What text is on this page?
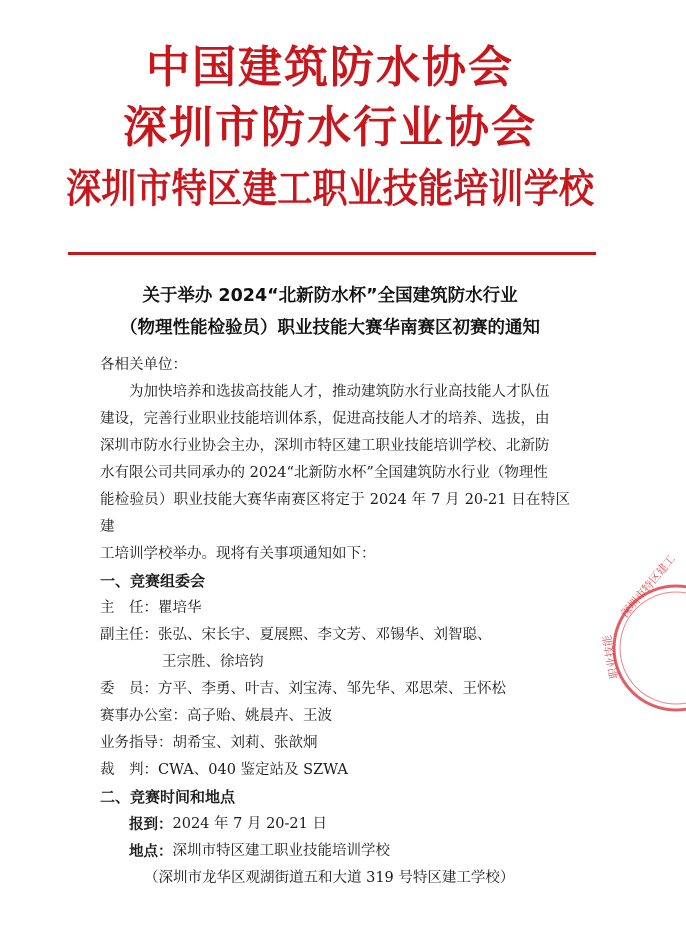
中国建筑防水协会
深圳市防水行业协会
深圳市特区建工职业技能培训学校
关于举办 2024“北新防水杯”全国建筑防水行业
（物理性能检验员）职业技能大赛华南赛区初赛的通知

各相关单位：

为加快培养和选拔高技能人才，推动建筑防水行业高技能人才队伍
建设，完善行业职业技能培训体系，促进高技能人才的培养、选拔，由
深圳市防水行业协会主办，深圳市特区建工职业技能培训学校、北新防
水有限公司共同承办的 2024“北新防水杯”全国建筑防水行业（物理性
能检验员）职业技能大赛华南赛区将定于 2024 年 7 月 20-21 日在特区建
工培训学校举办。现将有关事项通知如下：

一、竞赛组委会

主　任： 瞿培华
副主任： 张弘、宋长宇、夏展熙、李文芳、邓锡华、刘智聪、
王宗胜、徐培钧
委　员： 方平、李勇、叶吉、刘宝涛、邹先华、邓思荣、王怀松
赛事办公室： 高子贻、姚晨卉、王波
业务指导： 胡希宝、刘莉、张歆炯
裁　判： CWA、040 鉴定站及 SZWA

二、竞赛时间和地点

报到： 2024 年 7 月 20-21 日
地点： 深圳市特区建工职业技能培训学校
（深圳市龙华区观湖街道五和大道 319 号特区建工学校）
深圳市特区建工
职业技能
